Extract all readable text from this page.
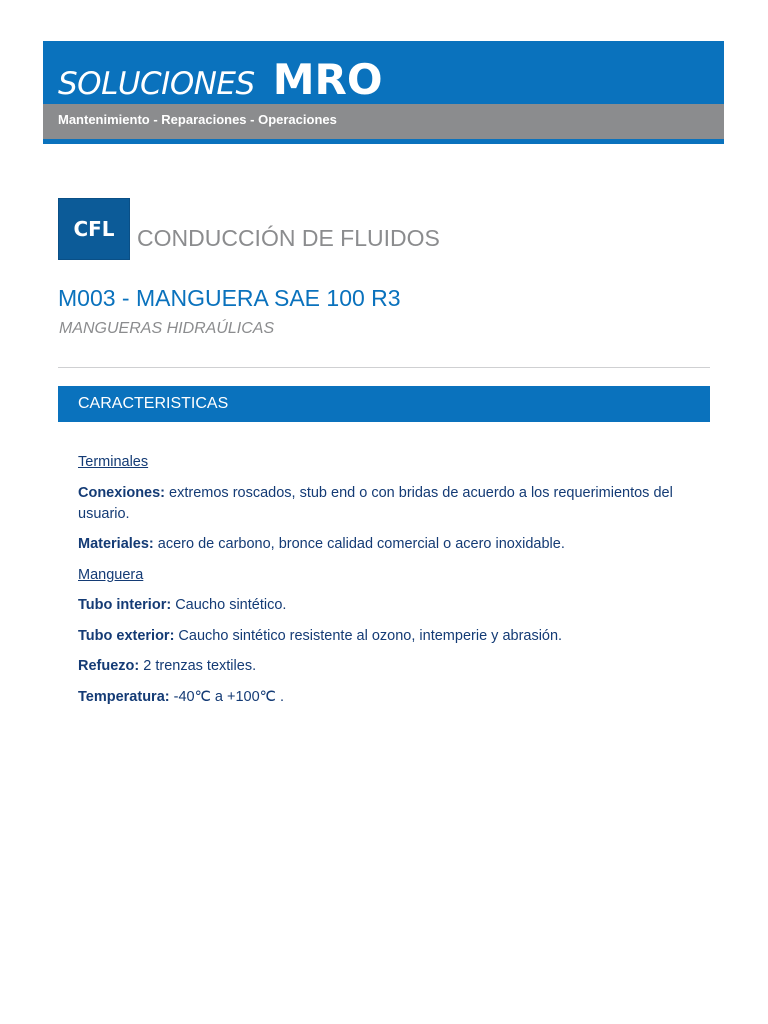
SOLUCIONES MRO
Mantenimiento - Reparaciones - Operaciones
CFL CONDUCCIÓN DE FLUIDOS
M003 - MANGUERA SAE 100 R3
MANGUERAS HIDRAÚLICAS
CARACTERISTICAS

Terminales

Conexiones: extremos roscados, stub end o con bridas de acuerdo a los requerimientos del usuario.

Materiales: acero de carbono, bronce calidad comercial o acero inoxidable.

Manguera

Tubo interior: Caucho sintético.

Tubo exterior: Caucho sintético resistente al ozono, intemperie y abrasión.

Refuezo: 2 trenzas textiles.

Temperatura: -40℃ a +100℃ .
